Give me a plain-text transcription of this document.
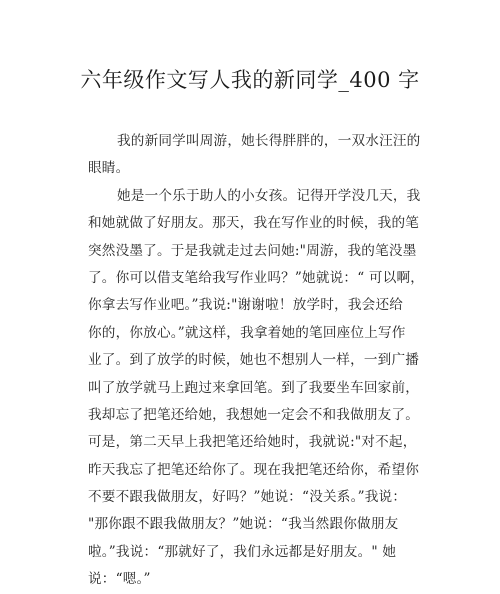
六年级作文写人我的新同学_400 字
我的新同学叫周游，她长得胖胖的，一双水汪汪的
眼睛。
她是一个乐于助人的小女孩。记得开学没几天，我
和她就做了好朋友。那天，我在写作业的时候，我的笔
突然没墨了。于是我就走过去问她:"周游，我的笔没墨
了。你可以借支笔给我写作业吗？”她就说：“ 可以啊，
你拿去写作业吧。”我说:"谢谢啦！放学时，我会还给
你的，你放心。”就这样，我拿着她的笔回座位上写作
业了。到了放学的时候，她也不想别人一样，一到广播
叫了放学就马上跑过来拿回笔。到了我要坐车回家前，
我却忘了把笔还给她，我想她一定会不和我做朋友了。
可是，第二天早上我把笔还给她时，我就说:"对不起，
昨天我忘了把笔还给你了。现在我把笔还给你，希望你
不要不跟我做朋友，好吗？”她说：“没关系。”我说：
"那你跟不跟我做朋友？”她说：“我当然跟你做朋友
啦。”我说：“那就好了，我们永远都是好朋友。" 她
说：“嗯。”
